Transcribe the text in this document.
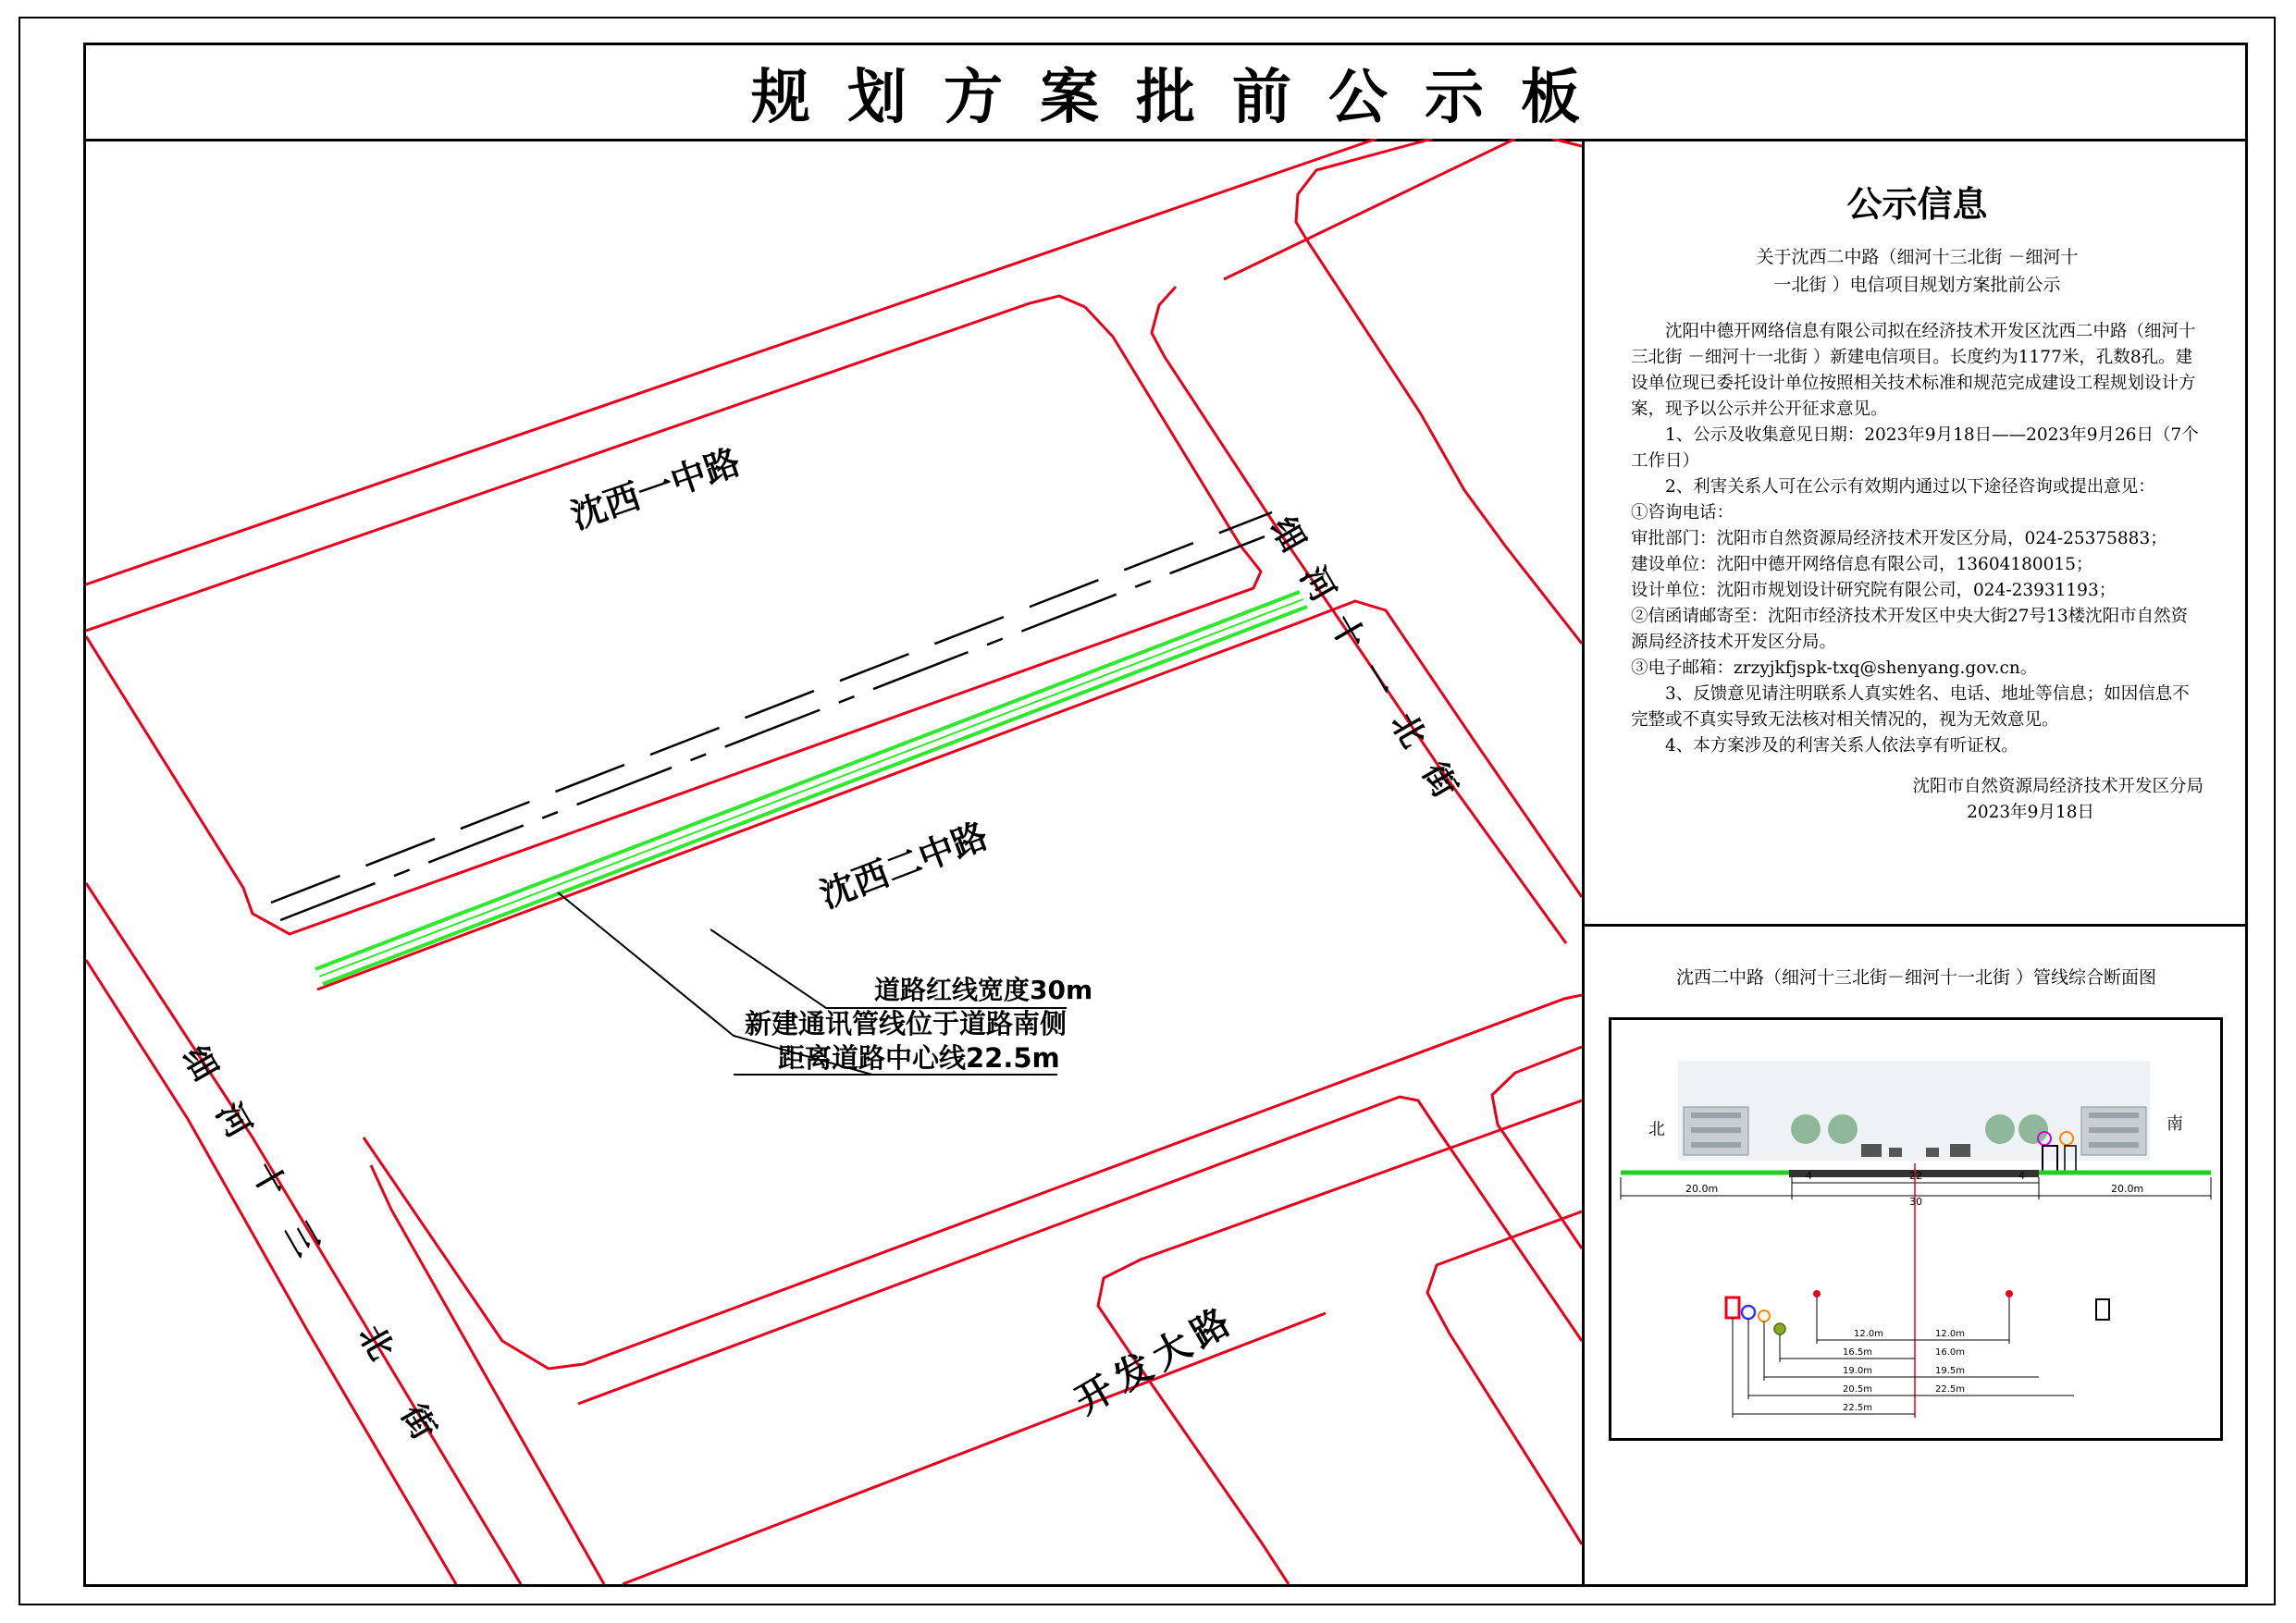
规划方案批前公示板
沈西一中路
沈西二中路
开发大路
细
河
十
一
北
街
细
河
十
三
北
街
道路红线宽度30m
新建通讯管线位于道路南侧
距离道路中心线22.5m
公示信息
关于沈西二中路（细河十三北街 －细河十
一北街 ）电信项目规划方案批前公示

沈阳中德开网络信息有限公司拟在经济技术开发区沈西二中路（细河十三北街 －细河十一北街 ）新建电信项目。长度约为1177米，孔数8孔。建设单位现已委托设计单位按照相关技术标准和规范完成建设工程规划设计方案，现予以公示并公开征求意见。

1、公示及收集意见日期：2023年9月18日——2023年9月26日（7个工作日）

2、利害关系人可在公示有效期内通过以下途径咨询或提出意见：

①咨询电话：

审批部门：沈阳市自然资源局经济技术开发区分局，024-25375883；

建设单位：沈阳中德开网络信息有限公司，13604180015；

设计单位：沈阳市规划设计研究院有限公司，024-23931193；

②信函请邮寄至：沈阳市经济技术开发区中央大街27号13楼沈阳市自然资源局经济技术开发区分局。

③电子邮箱：zrzyjkfjspk-txq@shenyang.gov.cn。

3、反馈意见请注明联系人真实姓名、电话、地址等信息；如因信息不完整或不真实导致无法核对相关情况的，视为无效意见。

4、本方案涉及的利害关系人依法享有听证权。

沈阳市自然资源局经济技术开发区分局
2023年9月18日
沈西二中路（细河十三北街－细河十一北街 ）管线综合断面图
北	南
20.0m
4	22	4
20.0m
30
12.0m	12.0m
16.5m	16.0m
19.0m	19.5m
20.5m	22.5m
22.5m
